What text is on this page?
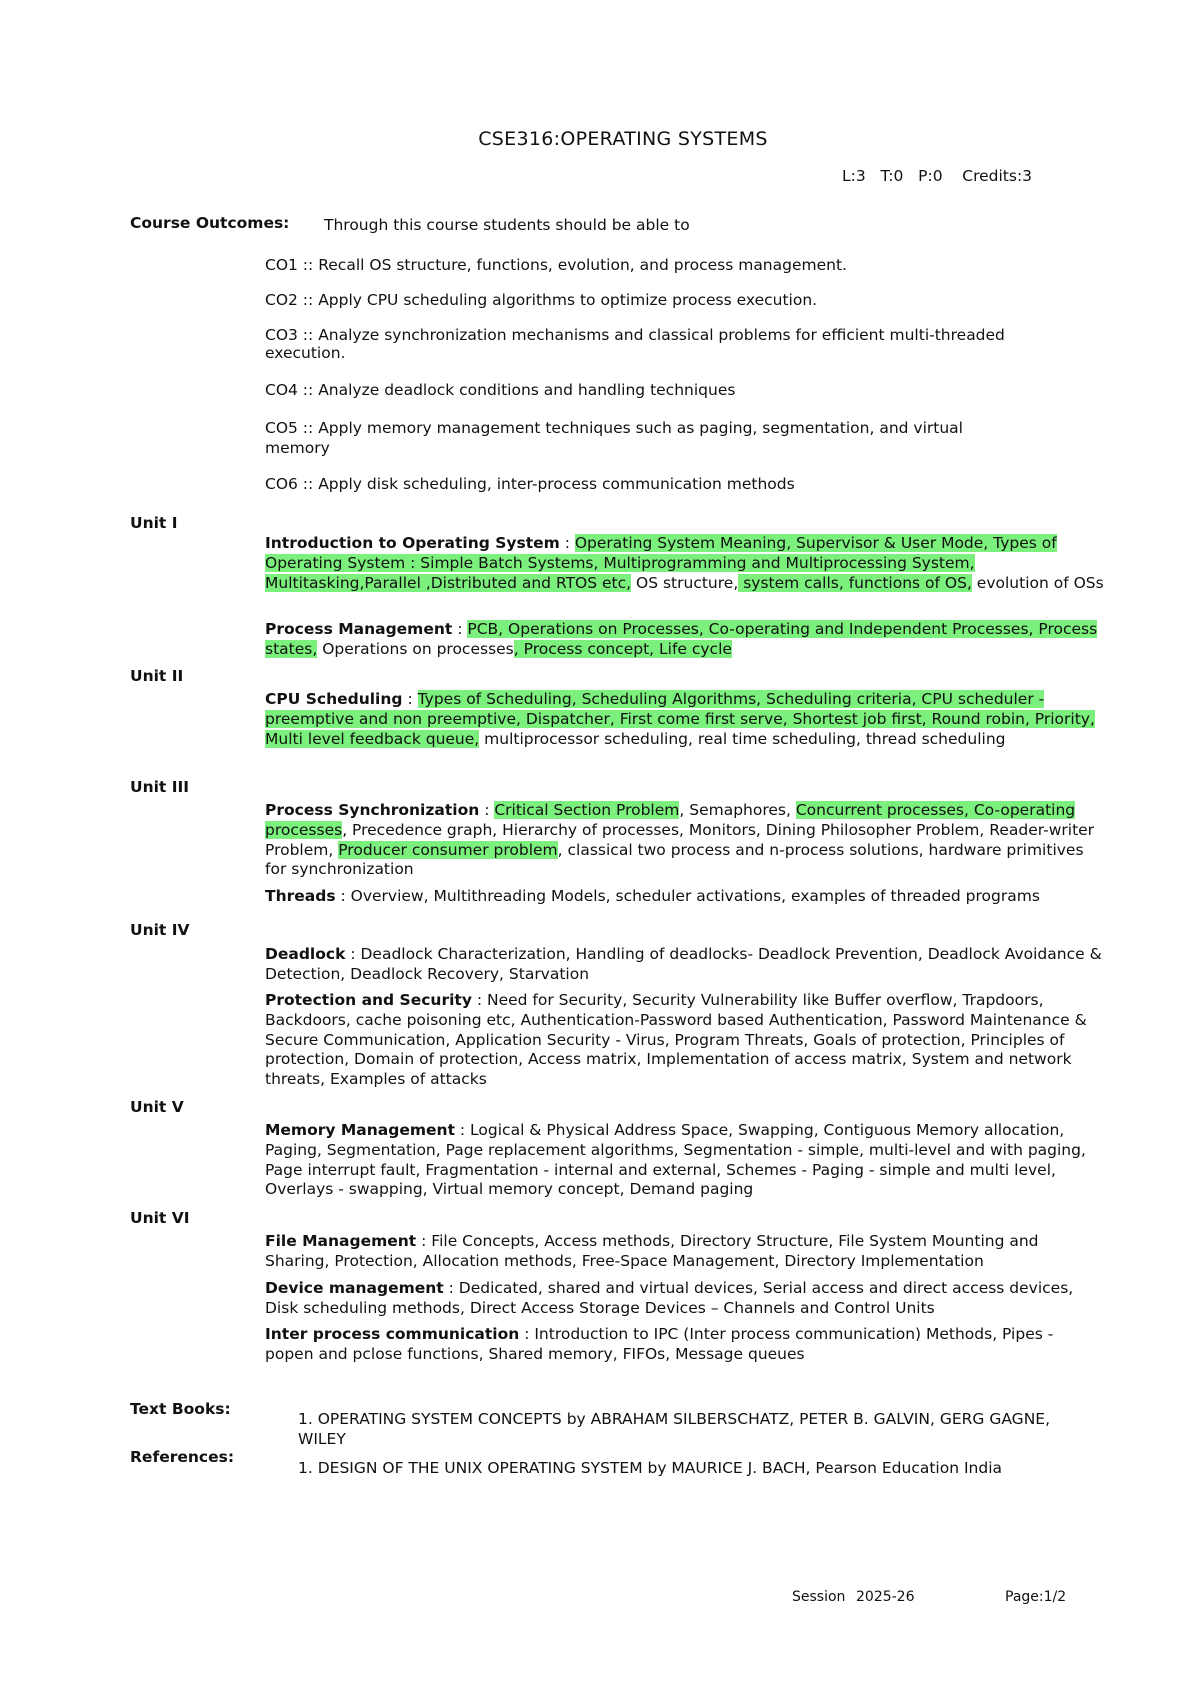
CSE316:OPERATING SYSTEMS
L:3   T:0   P:0    Credits:3
Course Outcomes: Through this course students should be able to
CO1 :: Recall OS structure, functions, evolution, and process management.
CO2 :: Apply CPU scheduling algorithms to optimize process execution.
CO3 :: Analyze synchronization mechanisms and classical problems for efficient multi-threaded execution.
CO4 :: Analyze deadlock conditions and handling techniques
CO5 :: Apply memory management techniques such as paging, segmentation, and virtual memory
CO6 :: Apply disk scheduling, inter-process communication methods
Unit I
Introduction to Operating System : Operating System Meaning, Supervisor & User Mode, Types of Operating System : Simple Batch Systems, Multiprogramming and Multiprocessing System, Multitasking,Parallel ,Distributed and RTOS etc, OS structure, system calls, functions of OS, evolution of OSs
Process Management : PCB, Operations on Processes, Co-operating and Independent Processes, Process states, Operations on processes, Process concept, Life cycle
Unit II
CPU Scheduling : Types of Scheduling, Scheduling Algorithms, Scheduling criteria, CPU scheduler - preemptive and non preemptive, Dispatcher, First come first serve, Shortest job first, Round robin, Priority, Multi level feedback queue, multiprocessor scheduling, real time scheduling, thread scheduling
Unit III
Process Synchronization : Critical Section Problem, Semaphores, Concurrent processes, Co-operating processes, Precedence graph, Hierarchy of processes, Monitors, Dining Philosopher Problem, Reader-writer Problem, Producer consumer problem, classical two process and n-process solutions, hardware primitives for synchronization
Threads : Overview, Multithreading Models, scheduler activations, examples of threaded programs
Unit IV
Deadlock : Deadlock Characterization, Handling of deadlocks- Deadlock Prevention, Deadlock Avoidance & Detection, Deadlock Recovery, Starvation
Protection and Security : Need for Security, Security Vulnerability like Buffer overflow, Trapdoors, Backdoors, cache poisoning etc, Authentication-Password based Authentication, Password Maintenance & Secure Communication, Application Security - Virus, Program Threats, Goals of protection, Principles of protection, Domain of protection, Access matrix, Implementation of access matrix, System and network threats, Examples of attacks
Unit V
Memory Management : Logical & Physical Address Space, Swapping, Contiguous Memory allocation, Paging, Segmentation, Page replacement algorithms, Segmentation - simple, multi-level and with paging, Page interrupt fault, Fragmentation - internal and external, Schemes - Paging - simple and multi level, Overlays - swapping, Virtual memory concept, Demand paging
Unit VI
File Management : File Concepts, Access methods, Directory Structure, File System Mounting and Sharing, Protection, Allocation methods, Free-Space Management, Directory Implementation
Device management : Dedicated, shared and virtual devices, Serial access and direct access devices, Disk scheduling methods, Direct Access Storage Devices – Channels and Control Units
Inter process communication : Introduction to IPC (Inter process communication) Methods, Pipes - popen and pclose functions, Shared memory, FIFOs, Message queues
Text Books:
1. OPERATING SYSTEM CONCEPTS by ABRAHAM SILBERSCHATZ, PETER B. GALVIN, GERG GAGNE, WILEY
References:
1. DESIGN OF THE UNIX OPERATING SYSTEM by MAURICE J. BACH, Pearson Education India
Session 2025-26	Page:1/2
